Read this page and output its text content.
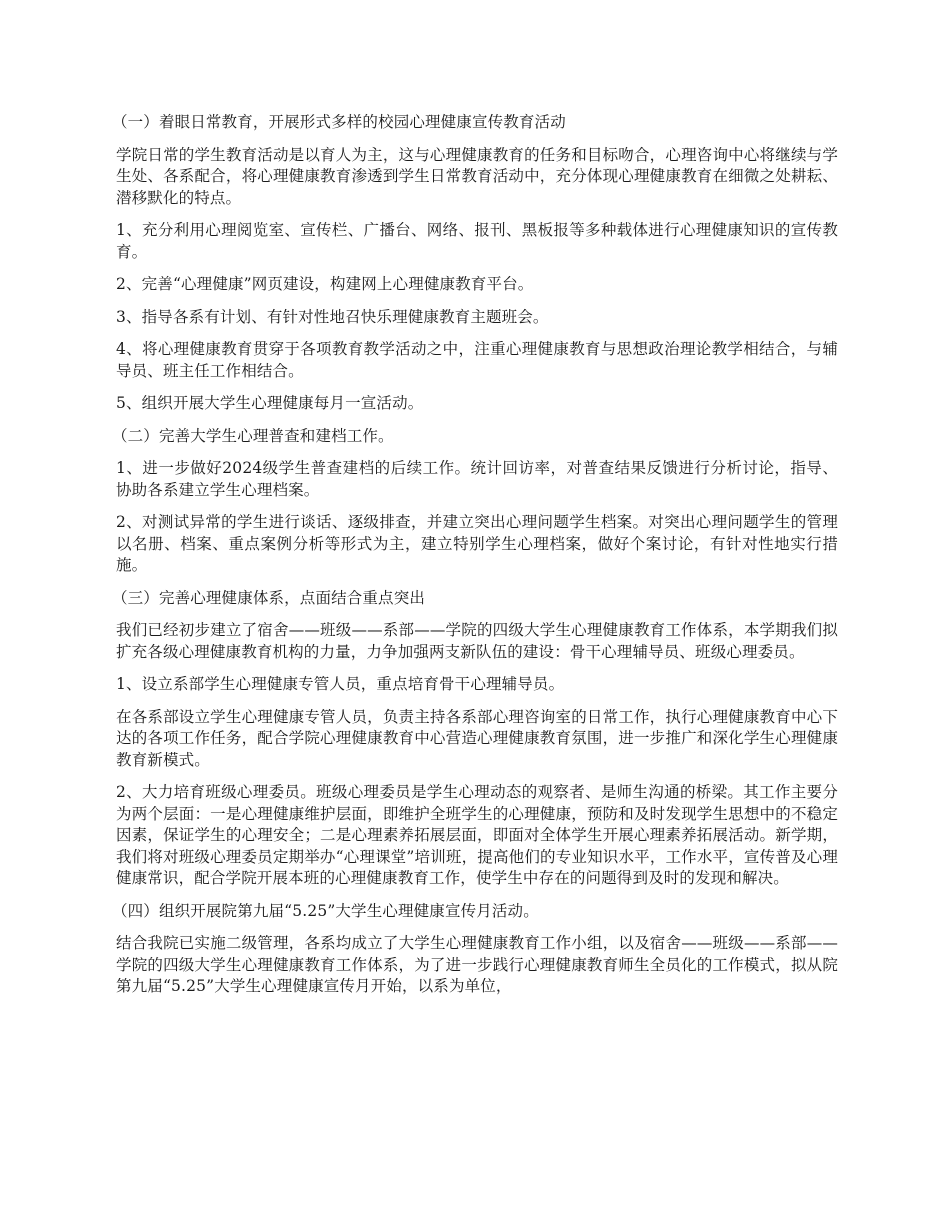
（一）着眼日常教育，开展形式多样的校园心理健康宣传教育活动

学院日常的学生教育活动是以育人为主，这与心理健康教育的任务和目标吻合，心理咨询中心将继续与学生处、各系配合，将心理健康教育渗透到学生日常教育活动中，充分体现心理健康教育在细微之处耕耘、潜移默化的特点。

1、充分利用心理阅览室、宣传栏、广播台、网络、报刊、黑板报等多种载体进行心理健康知识的宣传教育。

2、完善“心理健康”网页建设，构建网上心理健康教育平台。

3、指导各系有计划、有针对性地召快乐理健康教育主题班会。

4、将心理健康教育贯穿于各项教育教学活动之中，注重心理健康教育与思想政治理论教学相结合，与辅导员、班主任工作相结合。

5、组织开展大学生心理健康每月一宣活动。

（二）完善大学生心理普查和建档工作。

1、进一步做好2024级学生普查建档的后续工作。统计回访率，对普查结果反馈进行分析讨论，指导、协助各系建立学生心理档案。

2、对测试异常的学生进行谈话、逐级排查，并建立突出心理问题学生档案。对突出心理问题学生的管理以名册、档案、重点案例分析等形式为主，建立特别学生心理档案，做好个案讨论，有针对性地实行措施。

（三）完善心理健康体系，点面结合重点突出

我们已经初步建立了宿舍——班级——系部——学院的四级大学生心理健康教育工作体系，本学期我们拟扩充各级心理健康教育机构的力量，力争加强两支新队伍的建设：骨干心理辅导员、班级心理委员。

1、设立系部学生心理健康专管人员，重点培育骨干心理辅导员。

在各系部设立学生心理健康专管人员，负责主持各系部心理咨询室的日常工作，执行心理健康教育中心下达的各项工作任务，配合学院心理健康教育中心营造心理健康教育氛围，进一步推广和深化学生心理健康教育新模式。

2、大力培育班级心理委员。班级心理委员是学生心理动态的观察者、是师生沟通的桥梁。其工作主要分为两个层面：一是心理健康维护层面，即维护全班学生的心理健康，预防和及时发现学生思想中的不稳定因素，保证学生的心理安全；二是心理素养拓展层面，即面对全体学生开展心理素养拓展活动。新学期，我们将对班级心理委员定期举办“心理课堂”培训班，提高他们的专业知识水平，工作水平，宣传普及心理健康常识，配合学院开展本班的心理健康教育工作，使学生中存在的问题得到及时的发现和解决。

（四）组织开展院第九届“5.25”大学生心理健康宣传月活动。

结合我院已实施二级管理，各系均成立了大学生心理健康教育工作小组，以及宿舍——班级——系部——学院的四级大学生心理健康教育工作体系，为了进一步践行心理健康教育师生全员化的工作模式，拟从院第九届“5.25”大学生心理健康宣传月开始，以系为单位，
